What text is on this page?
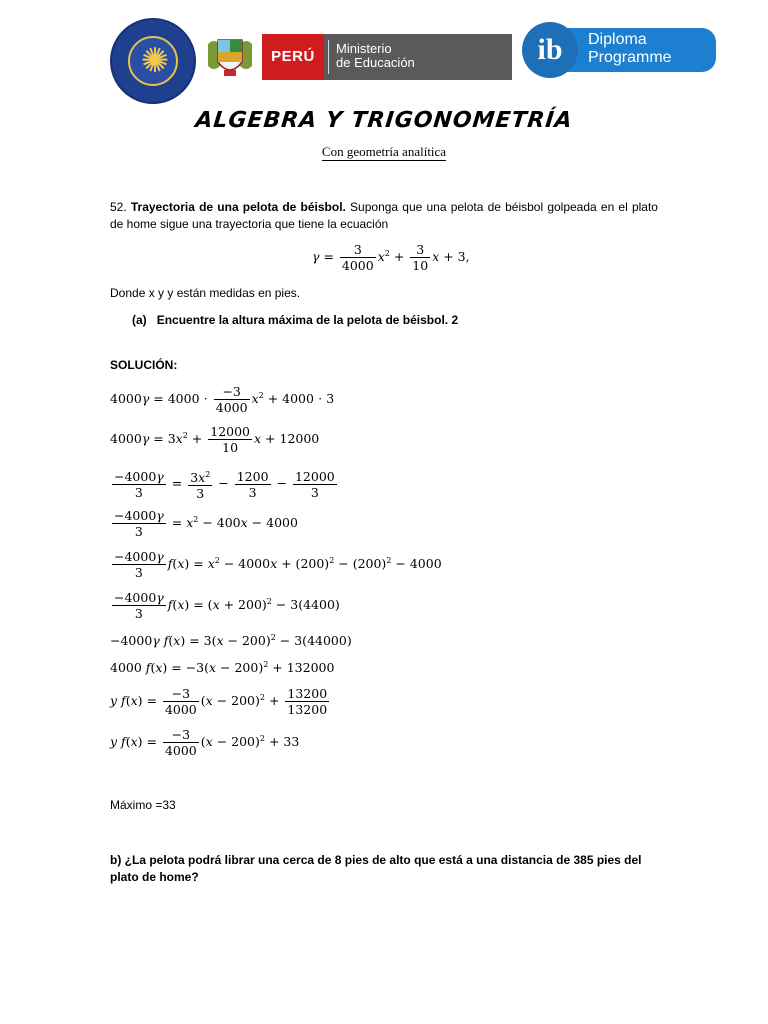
✺	PERÚ	Ministerio
de Educación	ib	Diploma
Programme
ALGEBRA Y TRIGONOMETRÍA
Con geometría analítica
52. Trayectoria de una pelota de béisbol. Suponga que una pelota de béisbol golpeada en el plato de home sigue una trayectoria que tiene la ecuación
$\gamma = \frac{3}{4000} x^2 + \frac{3}{10}$ x + 3,
Donde x y y están medidas en pies.
(a) Encuentre la altura máxima de la pelota de béisbol. 2
SOLUCIÓN:
$4000\gamma = 4000 \cdot \frac{-3}{4000} x^2 + 4000 \cdot 3$
$4000\gamma = 3x^2 + \frac{12000}{10}$ x + 12000
$\frac{-4000\gamma}{3} = \frac{3x^2}{3} - \frac{1200}{3} - \frac{12000}{3}$
$\frac{-4000\gamma}{3} = x^2 - 400x - 4000$
$\frac{-4000\gamma}{3} f(x) = x^2 - 4000x + (200)^2 - (200)^2 - 4000$
$\frac{-4000\gamma}{3} f(x) = (x + 200)^2 - 3(4400)$
−4000γ $f(x) = 3(x - 200)^2 - 3(44000)$
4000 $f(x) = -3(x - 200)^2 + 132000$
y $f(x) = \frac{-3}{4000} (x - 200)^2 + \frac{13200}{13200}$
y $f(x) = \frac{-3}{4000} (x - 200)^2 + 33$
Máximo =33
b) ¿La pelota podrá librar una cerca de 8 pies de alto que está a una distancia de 385 pies del plato de home?
